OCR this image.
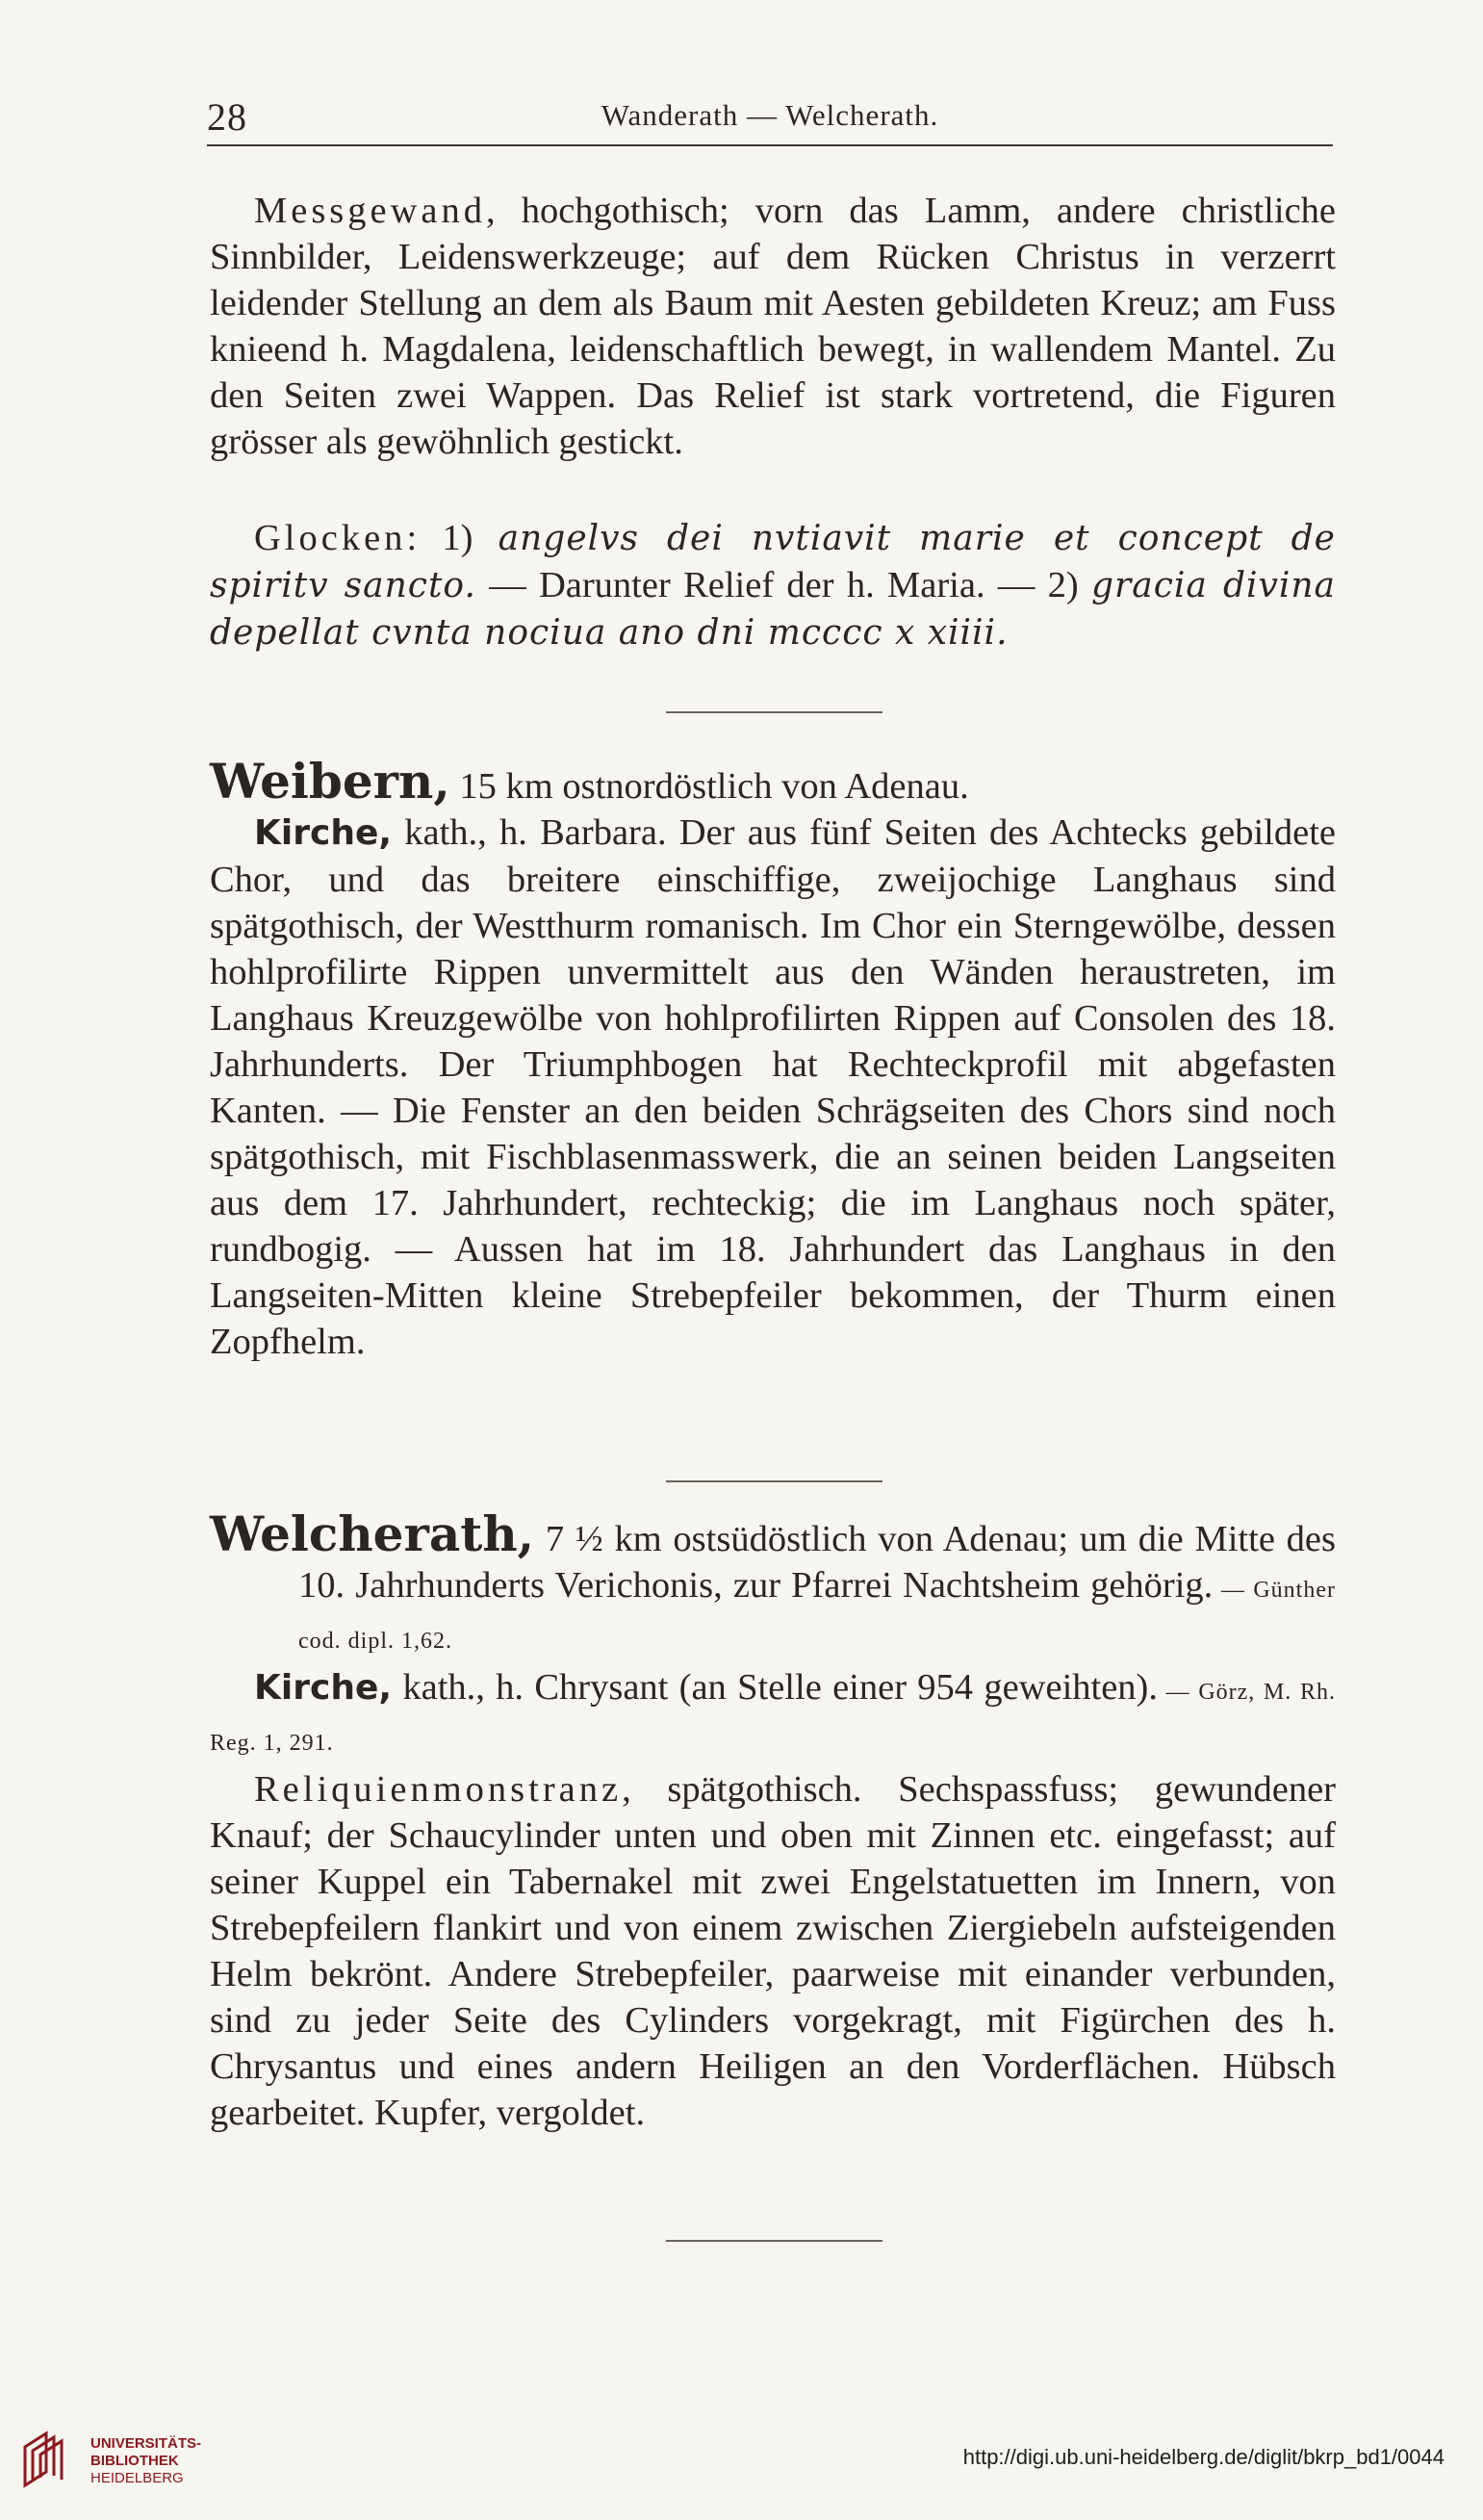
28	Wanderath — Welcherath.

Messgewand, hochgothisch; vorn das Lamm, andere christliche Sinnbilder, Leidenswerkzeuge; auf dem Rücken Christus in verzerrt leidender Stellung an dem als Baum mit Aesten gebildeten Kreuz; am Fuss knieend h. Magdalena, leidenschaftlich bewegt, in wallendem Mantel. Zu den Seiten zwei Wappen. Das Relief ist stark vortretend, die Figuren grösser als gewöhnlich gestickt.

Glocken: 1) angelvs dei nvtiavit marie et concept de spiritv sancto. — Darunter Relief der h. Maria. — 2) gracia divina depellat cvnta nociua ano dni mcccc x xiiii.

Weibern, 15 km ostnordöstlich von Adenau.

Kirche, kath., h. Barbara. Der aus fünf Seiten des Achtecks gebildete Chor, und das breitere einschiffige, zweijochige Langhaus sind spätgothisch, der Westthurm romanisch. Im Chor ein Sterngewölbe, dessen hohlprofilirte Rippen unvermittelt aus den Wänden heraustreten, im Langhaus Kreuzgewölbe von hohlprofilirten Rippen auf Consolen des 18. Jahrhunderts. Der Triumphbogen hat Rechteckprofil mit abgefasten Kanten. — Die Fenster an den beiden Schrägseiten des Chors sind noch spätgothisch, mit Fischblasenmasswerk, die an seinen beiden Langseiten aus dem 17. Jahrhundert, rechteckig; die im Langhaus noch später, rundbogig. — Aussen hat im 18. Jahrhundert das Langhaus in den Langseiten-Mitten kleine Strebepfeiler bekommen, der Thurm einen Zopfhelm.

Welcherath, 7 ½ km ostsüdöstlich von Adenau; um die Mitte des 10. Jahrhunderts Verichonis, zur Pfarrei Nachtsheim gehörig. — Günther cod. dipl. 1,62.

Kirche, kath., h. Chrysant (an Stelle einer 954 geweihten). — Görz, M. Rh. Reg. 1, 291.

Reliquienmonstranz, spätgothisch. Sechspassfuss; gewundener Knauf; der Schaucylinder unten und oben mit Zinnen etc. eingefasst; auf seiner Kuppel ein Tabernakel mit zwei Engelstatuetten im Innern, von Strebepfeilern flankirt und von einem zwischen Ziergiebeln aufsteigenden Helm bekrönt. Andere Strebepfeiler, paarweise mit einander verbunden, sind zu jeder Seite des Cylinders vorgekragt, mit Figürchen des h. Chrysantus und eines andern Heiligen an den Vorderflächen. Hübsch gearbeitet. Kupfer, vergoldet.

UNIVERSITÄTS-
BIBLIOTHEK
HEIDELBERG
http://digi.ub.uni-heidelberg.de/diglit/bkrp_bd1/0044
